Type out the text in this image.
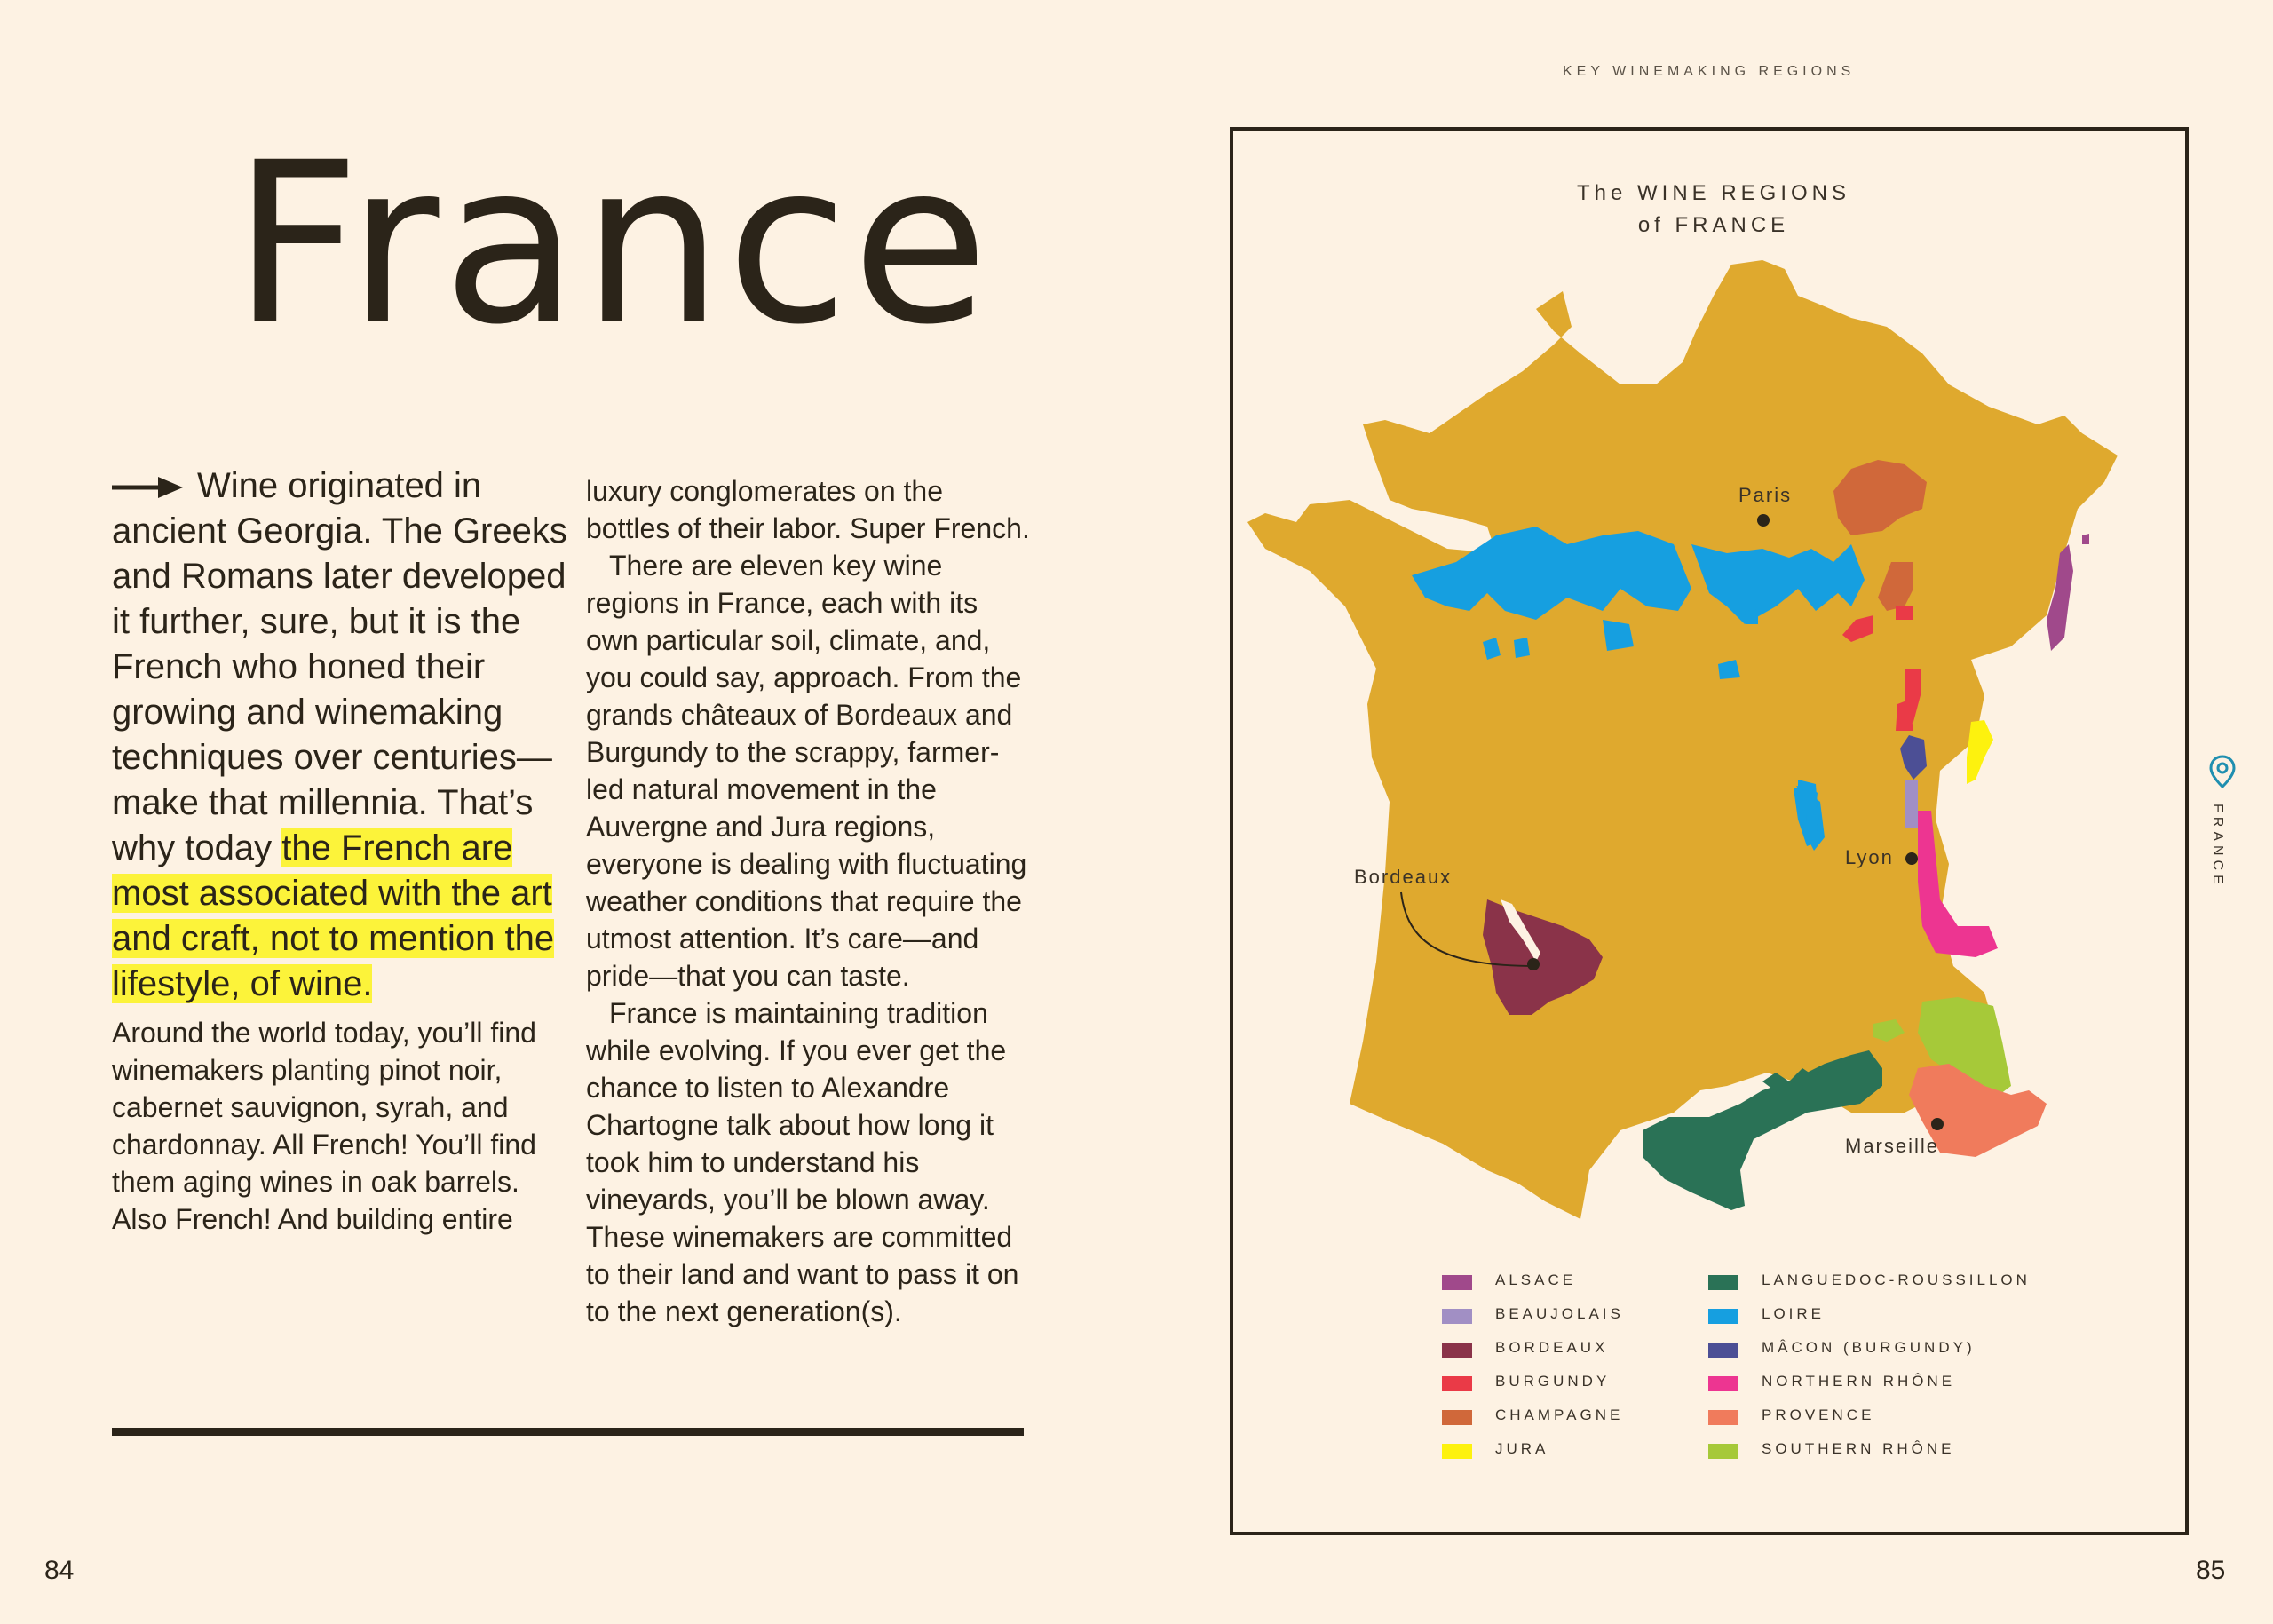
KEY WINEMAKING REGIONS
France

Wine originated in ancient Georgia. The Greeks and Romans later developed it further, sure, but it is the French who honed their growing and winemaking techniques over centuries—make that millennia. That’s why today the French are most associated with the art and craft, not to mention the lifestyle, of wine.

Around the world today, you’ll find winemakers planting pinot noir, cabernet sauvignon, syrah, and chardonnay. All French! You’ll find them aging wines in oak barrels. Also French! And building entire

luxury conglomerates on the bottles of their labor. Super French.

There are eleven key wine regions in France, each with its own particular soil, climate, and, you could say, approach. From the grands châteaux of Bordeaux and Burgundy to the scrappy, farmer-led natural movement in the Auvergne and Jura regions, everyone is dealing with fluctuating weather conditions that require the utmost attention. It’s care—and pride—that you can taste.

France is maintaining tradition while evolving. If you ever get the chance to listen to Alexandre Chartogne talk about how long it took him to understand his vineyards, you’ll be blown away. These winemakers are committed to their land and want to pass it on to the next generation(s).

84	85
The WINE REGIONS
of FRANCE
Paris
Lyon
Bordeaux
Marseille
ALSACE
BEAUJOLAIS
BORDEAUX
BURGUNDY
CHAMPAGNE
JURA
LANGUEDOC-ROUSSILLON
LOIRE
MÂCON (BURGUNDY)
NORTHERN RHÔNE
PROVENCE
SOUTHERN RHÔNE
FRANCE
